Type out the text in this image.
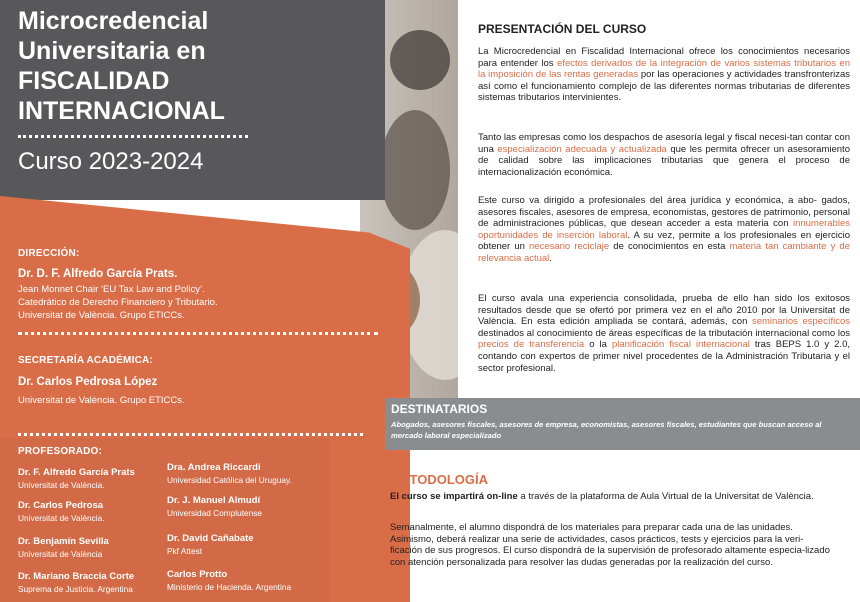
Microcredencial
Universitaria en
FISCALIDAD
INTERNACIONAL
Curso 2023-2024
DIRECCIÓN:
Dr. D. F. Alfredo García Prats.
Jean Monnet Chair ‘EU Tax Law and Policy’.
Catedrático de Derecho Financiero y Tributario.
Universitat de València. Grupo ETICCs.
SECRETARÍA ACADÉMICA:
Dr. Carlos Pedrosa López
Universitat de València. Grupo ETICCs.
PROFESORADO:
Dr. F. Alfredo García Prats
Universitat de València.
Dr. Carlos Pedrosa
Universitat de València.
Dr. Benjamín Sevilla
Universitat de València
Dr. Mariano Braccia Corte
Suprema de Justicia. Argentina
Dra. Andrea Riccardi
Universidad Católica del Uruguay.
Dr. J. Manuel Almudí
Universidad Complutense
Dr. David Cañabate
Pkf Attest
Carlos Protto
Ministerio de Hacienda. Argentina
PRESENTACIÓN DEL CURSO
La Microcredencial en Fiscalidad Internacional ofrece los conocimientos necesarios para entender los efectos derivados de la integración de varios sistemas tributarios en la imposición de las rentas generadas por las operaciones y actividades transfronterizas así como el funcionamiento complejo de las diferentes normas tributarias de diferentes sistemas tributarios intervinientes.
Tanto las empresas como los despachos de asesoría legal y fiscal necesi-tan contar con una especialización adecuada y actualizada que les permita ofrecer un asesoramiento de calidad sobre las implicaciones tributarias que genera el proceso de internacionalización económica.
Este curso va dirigido a profesionales del área jurídica y económica, a abo- gados, asesores fiscales, asesores de empresa, economistas, gestores de patrimonio, personal de administraciones públicas, que desean acceder a esta materia con innumerables oportunidades de inserción laboral. A su vez, permite a los profesionales en ejercicio obtener un necesario reciclaje de conocimientos en esta materia tan cambiante y de relevancia actual.
El curso avala una experiencia consolidada, prueba de ello han sido los exitosos resultados desde que se ofertó por primera vez en el año 2010 por la Universitat de València. En esta edición ampliada se contará, además, con seminarios específicos destinados al conocimiento de áreas específicas de la tributación internacional como los precios de transferencia o la planificación fiscal internacional tras BEPS 1.0 y 2.0, contando con expertos de primer nivel procedentes de la Administración Tributaria y el sector profesional.
DESTINATARIOS
Abogados, asesores fiscales, asesores de empresa, economistas, asesores fiscales, estudiantes que buscan acceso al mercado laboral especializado
METODOLOGÍA
El curso se impartirá on-line a través de la plataforma de Aula Virtual de la Universitat de València.
Semanalmente, el alumno dispondrá de los materiales para preparar cada una de las unidades. Asimismo, deberá realizar una serie de actividades, casos prácticos, tests y ejercicios para la veri-ficación de sus progresos. El curso dispondrá de la supervisión de profesorado altamente especia-lizado con atención personalizada para resolver las dudas generadas por la realización del curso.
